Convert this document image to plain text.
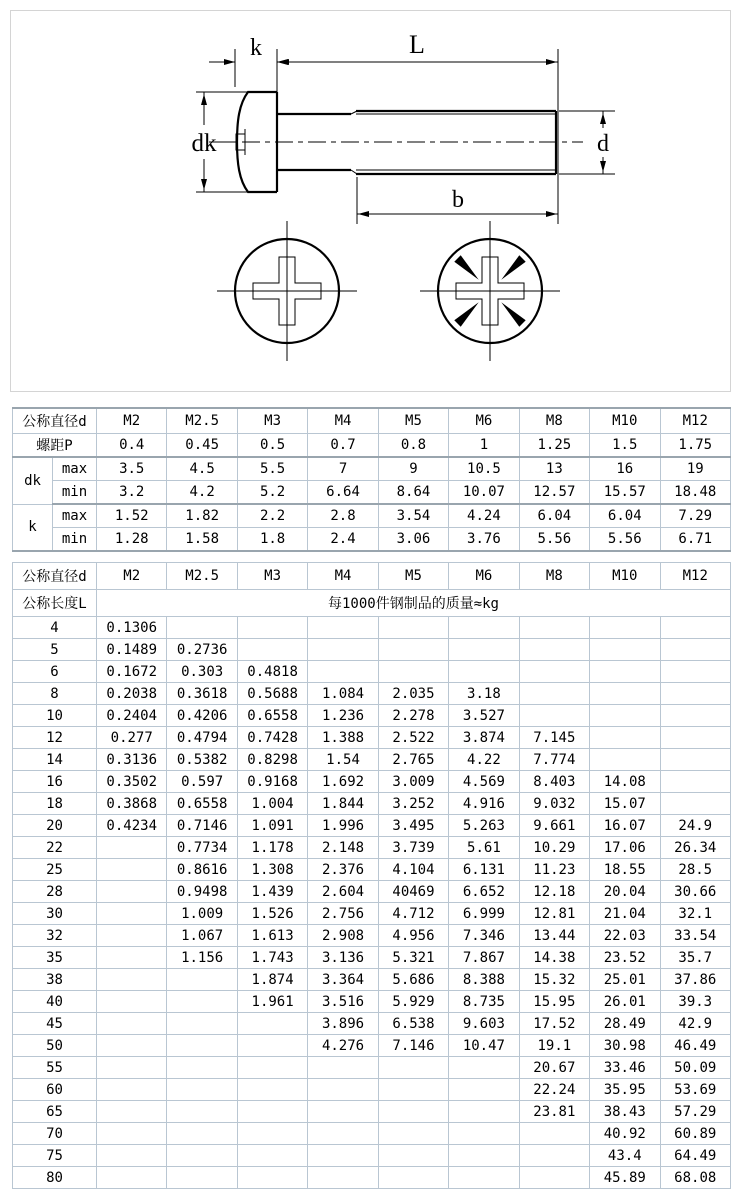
k	L
dk	d
b
公称直径d		M2	M2.5	M3	M4	M5	M6	M8	M10	M12
螺距P		0.4	0.45	0.5	0.7	0.8	1	1.25	1.5	1.75
dk	max	3.5	4.5	5.5	7	9	10.5	13	16	19
	min	3.2	4.2	5.2	6.64	8.64	10.07	12.57	15.57	18.48
k	max	1.52	1.82	2.2	2.8	3.54	4.24	6.04	6.04	7.29
	min	1.28	1.58	1.8	2.4	3.06	3.76	5.56	5.56	6.71
公称直径d	M2	M2.5	M3	M4	M5	M6	M8	M10	M12
公称长度L	每1000件钢制品的质量≈kg								
4	0.1306								
5	0.1489	0.2736							
6	0.1672	0.303	0.4818						
8	0.2038	0.3618	0.5688	1.084	2.035	3.18			
10	0.2404	0.4206	0.6558	1.236	2.278	3.527			
12	0.277	0.4794	0.7428	1.388	2.522	3.874	7.145		
14	0.3136	0.5382	0.8298	1.54	2.765	4.22	7.774		
16	0.3502	0.597	0.9168	1.692	3.009	4.569	8.403	14.08	
18	0.3868	0.6558	1.004	1.844	3.252	4.916	9.032	15.07	
20	0.4234	0.7146	1.091	1.996	3.495	5.263	9.661	16.07	24.9
22		0.7734	1.178	2.148	3.739	5.61	10.29	17.06	26.34
25		0.8616	1.308	2.376	4.104	6.131	11.23	18.55	28.5
28		0.9498	1.439	2.604	40469	6.652	12.18	20.04	30.66
30		1.009	1.526	2.756	4.712	6.999	12.81	21.04	32.1
32		1.067	1.613	2.908	4.956	7.346	13.44	22.03	33.54
35		1.156	1.743	3.136	5.321	7.867	14.38	23.52	35.7
38			1.874	3.364	5.686	8.388	15.32	25.01	37.86
40			1.961	3.516	5.929	8.735	15.95	26.01	39.3
45				3.896	6.538	9.603	17.52	28.49	42.9
50				4.276	7.146	10.47	19.1	30.98	46.49
55							20.67	33.46	50.09
60							22.24	35.95	53.69
65							23.81	38.43	57.29
70								40.92	60.89
75								43.4	64.49
80								45.89	68.08
